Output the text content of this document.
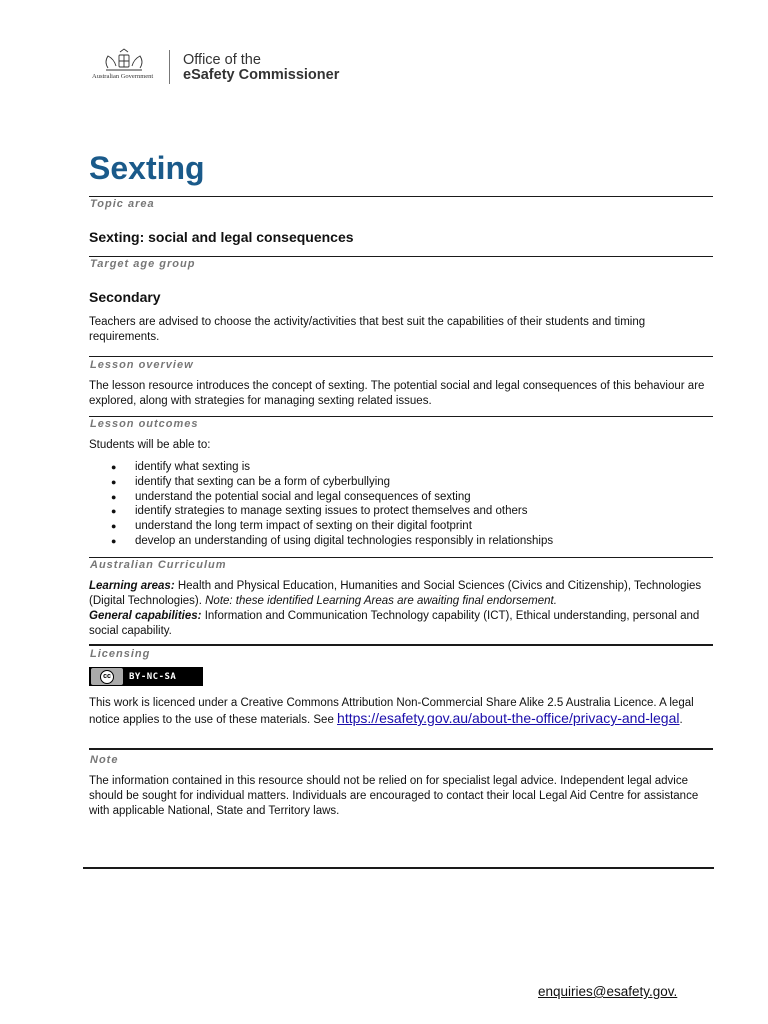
Australian Government
Office of the
eSafety Commissioner
Sexting
Topic area
Sexting: social and legal consequences
Target age group
Secondary
Teachers are advised to choose the activity/activities that best suit the capabilities of their students and timing requirements.
Lesson overview
The lesson resource introduces the concept of sexting. The potential social and legal consequences of this behaviour are explored, along with strategies for managing sexting related issues.
Lesson outcomes
Students will be able to:
● identify what sexting is
● identify that sexting can be a form of cyberbullying
● understand the potential social and legal consequences of sexting
● identify strategies to manage sexting issues to protect themselves and others
● understand the long term impact of sexting on their digital footprint
● develop an understanding of using digital technologies responsibly in relationships
Australian Curriculum
Learning areas: Health and Physical Education, Humanities and Social Sciences (Civics and Citizenship), Technologies (Digital Technologies). Note: these identified Learning Areas are awaiting final endorsement.
General capabilities: Information and Communication Technology capability (ICT), Ethical understanding, personal and social capability.
Licensing
cc	BY-NC-SA
This work is licenced under a Creative Commons Attribution Non-Commercial Share Alike 2.5 Australia Licence. A legal notice applies to the use of these materials. See https://esafety.gov.au/about-the-office/privacy-and-legal.
Note
The information contained in this resource should not be relied on for specialist legal advice. Independent legal advice should be sought for individual matters. Individuals are encouraged to contact their local Legal Aid Centre for assistance with applicable National, State and Territory laws.
enquiries@esafety.gov.
